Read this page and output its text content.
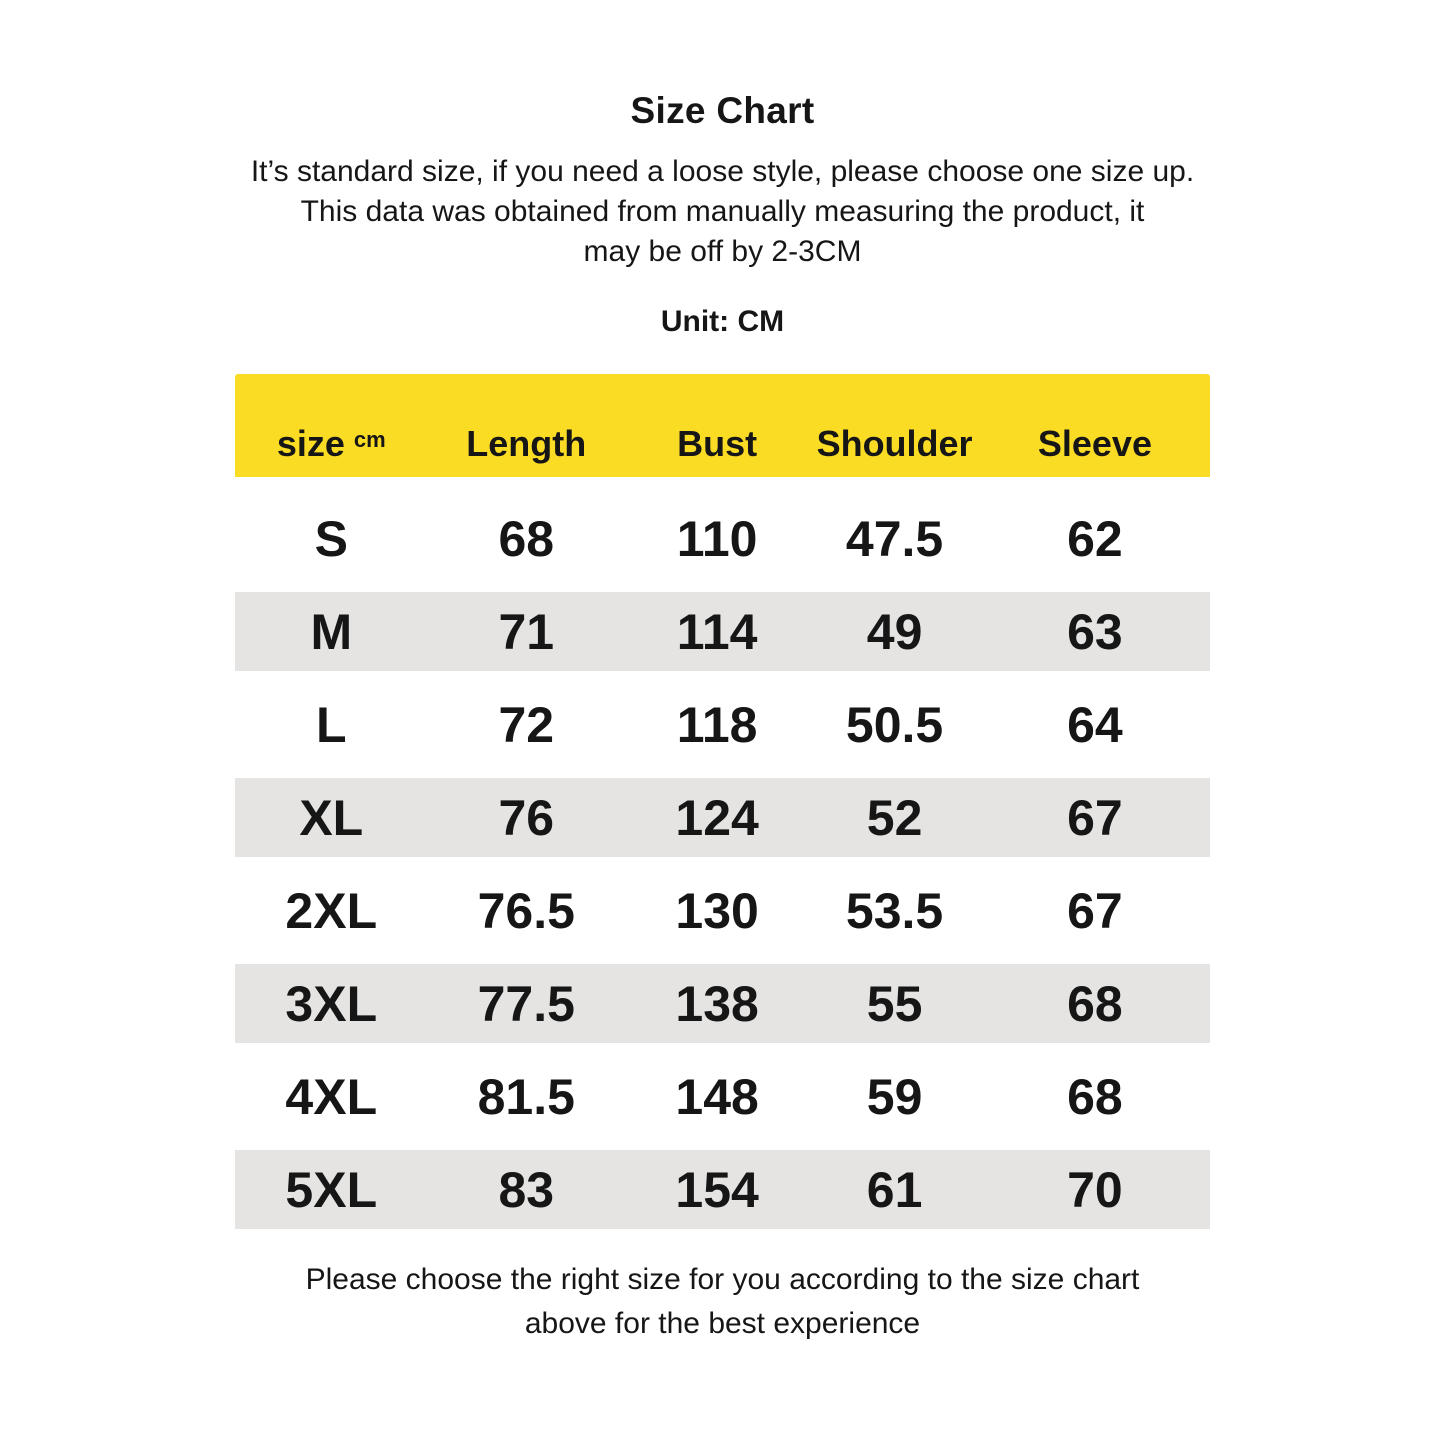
Size Chart
It’s standard size, if you need a loose style, please choose one size up.
This data was obtained from manually measuring the product, it
may be off by 2-3CM
Unit: CM
size $^{cm}$	Length	Bust	Shoulder	Sleeve
S	68	110	47.5	62
M	71	114	49	63
L	72	118	50.5	64
XL	76	124	52	67
2XL	76.5	130	53.5	67
3XL	77.5	138	55	68
4XL	81.5	148	59	68
5XL	83	154	61	70
Please choose the right size for you according to the size chart
above for the best experience
